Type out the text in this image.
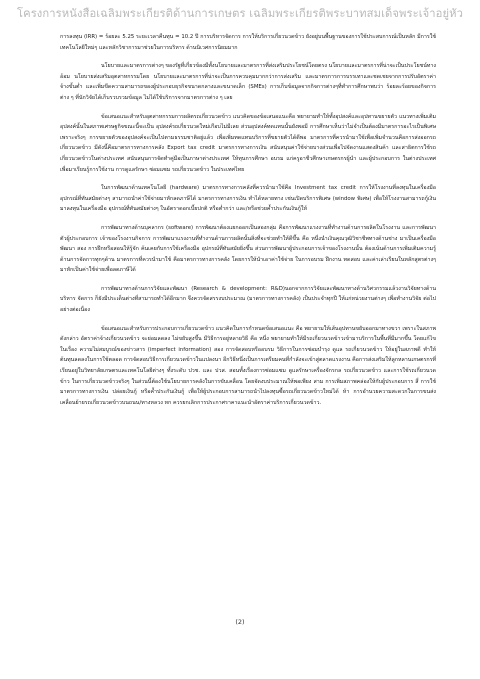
โครงการหนังสือเฉลิมพระเกียรติด้านการเกษตร เฉลิมพระเกียรติพระบาทสมเด็จพระเจ้าอยู่หัว

การลงทุน (IRR) = ร้อยละ 5.25 ระยะเวลาคืนทุน = 10.2 ปี การบริหารจัดการ การให้บริการเกี่ยวนวดข้าว ยังอยู่บนพื้นฐานของการใช้ประสบการณ์เป็นหลัก มีการใช้เทคโนโลยีใหม่ๆ และหลักวิชาการมาช่วยในการบริหาร ด้านนิเวศการนิยมมาก

นโยบายและมาตรการต่างๆ ของรัฐที่เกี่ยวข้องมีทั้งนโยบายและมาตรการที่ส่งเสริมประโยชน์โดยตรง นโยบายและมาตรการที่น่าจะเป็นประโยชน์ทางอ้อม นโยบายส่งเสริมอุตสาหกรรมโดย นโยบายและมาตรการที่น่าจะเป็นการควบคุมมากกว่าการส่งเสริม และมาตรการการบรรเทาและชดเชยจากการปรับอัตราค่าจ้างขั้นต่ำ และเพิ่มขีดความสามารถของผู้ประกอบธุรกิจขนาดกลางและขนาดเล็ก (SMEs) การเก็บข้อมูลจากกิจการต่างๆที่ทำการศึกษาพบว่า ร้อยละร้อยของกิจการต่าง ๆ ที่นักวิจัยได้เก็บรวบรวมข้อมูล ไม่ได้ใช้บริการจากมาตรการต่าง ๆ เลย

ข้อเสนอแนะสำหรับอุตสาหกรรมการผลิตรถเกี่ยวนวดข้าว แนวคิดของข้อเสนอแนะคือ พยายามทำให้ทั้งอุปสงค์และอุปทานขยายตัว แนวทางเพิ่มเติมอุปสงค์นั้นในสภาพเศรษฐกิจขณะนี้จะเป็น อุปสงค์รถเกี่ยวนวดใหม่เกือบไม่มีเลย ส่วนอุปสงค์ทดแทนนั้นยังพอมี การศึกษาเห็นว่าไม่จำเป็นต้องมีมาตรการอะไรเป็นพิเศษ เพราะจริงๆ การขยายตัวของอุปสงค์จะเป็นไปตามธรรมชาติอยู่แล้ว เพื่อเพิ่มทดแทนบริการที่ขยายตัวได้ดีพอ มาตรการที่ควรนำมาใช้เพื่อเพิ่มจำนวนคือการส่งออกรถเกี่ยวนวดข้าว มีดังนี้คือมาตรการทางการคลัง Export tax credit มาตรการทางการเงิน สนับสนุนค่าใช้จ่ายบางส่วนเพื่อไปจัดงานแสดงสินค้า และสาธิตการใช้รถเกี่ยวนวดข้าวในต่างประเทศ สนับสนุนการจัดทำคู่มือเป็นภาษาต่างประเทศ ให้ทุนการศึกษา อบรม แก่ครูอาชีวศึกษาเกษตรกรผู้นำ และผู้ประกอบการ ในต่างประเทศ เพื่อมาเรียนรู้การใช้งาน การดูแลรักษา ซ่อมแซม รถเกี่ยวนวดข้าว ในประเทศไทย

ในการพัฒนาด้านเทคโนโลยี (hardware) มาตรการทางการคลังที่ควรนำมาใช้คือ Investment tax credit การให้โรงงานที่ลงทุนในเครื่องมือ อุปกรณ์ที่ทันสมัยต่างๆ สามารถนำค่าใช้จ่ายมาหักลดภาษีได้ มาตรการทางการเงิน ทำได้หลายทาง เช่นเปิดบริการพิเศษ (window พิเศษ) เพื่อให้โรงงานสามารถกู้เงินมาลงทุนในเครื่องมือ อุปกรณ์ที่ทันสมัยต่างๆ ในอัตราดอกเบี้ยปกติ หรือต่ำกว่า และ/หรือช่วยค้ำประกันเงินกู้ให้

การพัฒนาทางด้านบุคลากร (software) การพัฒนาต้องแยกออกเป็นสองกลุ่ม คือการพัฒนาแรงงานที่ทำงานด้านการผลิตในโรงงาน และการพัฒนาตัวผู้ประกอบการ เจ้าของโรงงานกิจการ การพัฒนาแรงงานที่ทำงานด้านการผลิตนั้นสิ่งที่จะช่วยทำให้ดีขึ้น คือ หนึ่งนำเงินคุณวุฒิวิชาชีพทางด้านช่าง มาเป็นเครื่องมือพัฒนา สอง การฝึกหรือสอนให้รู้จัก ค้นเคยกับการใช้เครื่องมือ อุปกรณ์ที่ทันสมัยยิ่งขึ้น ส่วนการพัฒนาผู้ประกอบการเจ้าของโรงงานนั้น ต้องเน้นด้านการเพิ่มเติมความรู้ด้านการจัดการทุกๆด้าน มาตรการที่ควรนำมาใช้ คือมาตรการทางการคลัง โดยการให้นำเอาค่าใช้จ่าย ในการอบรม ฝึกงาน ทดสอบ และค่าเล่าเรียนในหลักสูตรต่างๆ มาหักเป็นค่าใช้จ่ายเพื่อลดภาษีได้

การพัฒนาทางด้านการวิจัยและพัฒนา (Research & development: R&D)นอกจากการวิจัยและพัฒนาทางด้านวิศวกรรมแล้วงานวิจัยทางด้าน บริหาร จัดการ ก็ยังมีประเด็นต่างที่สามารถทำได้อีกมาก จึงควรจัดสรรงบประมาณ (มาตรการทางการคลัง) เป็นประจำทุกปี ให้แก่หน่วยงานต่างๆ เพื่อทำงานวิจัย ต่อไปอย่างต่อเนื่อง

ข้อเสนอแนะสำหรับการประกอบการเกี่ยวนวดข้าว แนวคิดในการกำหนดข้อเสนอแนะ คือ พยายามให้เส้นอุปทานขยับออกมาทางขวา เพราะในสภาพดังกล่าว อัตราค่าจ้างเกี่ยวนวดข้าว จะย่อมลดลง ไม่ขยับสูงขึ้น มีวิธีการอยู่หลายวิธี คือ หนึ่ง พยายามทำให้มีรถเกี่ยวนวดข้าวเข้ามาบริการในพื้นที่มีมากขึ้น โดยแก้ไขในเรื่อง ความไม่สมบูรณ์ของข่าวสาร (imperfect information) สอง การจัดสอบหรืออบรม วิธีการในการซ่อมบำรุง ดูแล รถเกี่ยวนวดข้าว ให้อยู่ในสภาพดี ทำให้ต้นทุนลดลงในการใช้ตลอด การจัดสอบวิธีการเกี่ยวนวดข้าวในแปลงนา อีกวิธีหนึ่งเป็นการเตรียมคนที่กำลังจะเข้าสู่ตลาดแรงงาน คือการส่งเสริมให้ลูกหลานเกษตรกรที่เรียนอยู่ในวิทยาลัยเกษตรและเทคโนโลยีต่างๆ ทั้งระดับ ปวช. และ ปวส. สอนทั้งเรื่องการซ่อมแซม ดูแลรักษาเครื่องจักรกล รถเกี่ยวนวดข้าว และการใช้รถเกี่ยวนวดข้าว ในการเกี่ยวนวดข้าวจริงๆ ในส่วนนี้ต้องใช้นโยบายการคลังในการขับเคลื่อน โดยจัดงบประมาณให้พอเพียง สาม การเพิ่มสภาพคล่องให้กับผู้ประกอบการ สี่ การใช้มาตรการทางการเงิน ปล่อยเงินกู้ หรือค้ำประกันเงินกู้ เพื่อให้ผู้ประกอบการสามารถนำไปลงทุนซื้อรถเกี่ยวนวดข้าวใหม่ได้ ห้า การอำนวยความสะดวกในการขนส่ง เคลื่อนย้ายรถเกี่ยวนวดข้าวบนถนน/ทางหลวง หก ควรยกเลิกการประกาศราคาแนะนำอัตราค่าบริการเกี่ยวนวดข้าว.

(2)
